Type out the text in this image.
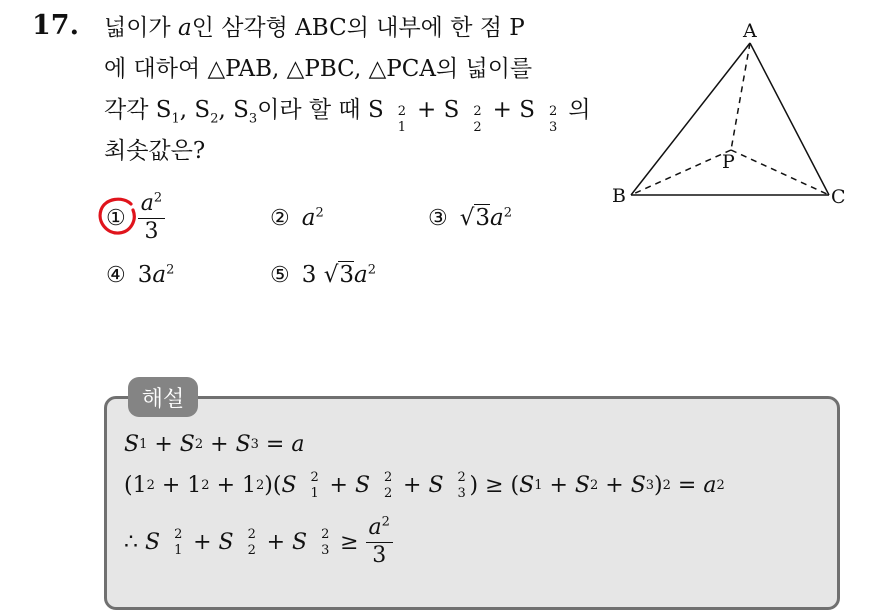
17. 넓이가 a인 삼각형 ABC의 내부에 한 점 P
에 대하여 △PAB, △PBC, △PCA의 넓이를
각각 $S_1$, $S_2$, $S_3$이라 할 때 S 2
1
+ S 2
2
+ S 2
3
의
최솟값은?
① $\frac{a^2}{3}$	② $a^2$	③ $√3a^2$
④ $3a^2$	⑤ 3 $√3a^2$
A
B	C
P
해설
S 1 + S 2 + S 3 = a
(1 2 + 1 2 + 1 2 )( S 2
1 + S 2
2 + S 2
3 ) ≥ ( S 1 + S 2 + S 3 ) 2 = a 2
∴ S 2
1 + S 2
2 + S 2
$3 \ge \frac{a^2}{3}$
